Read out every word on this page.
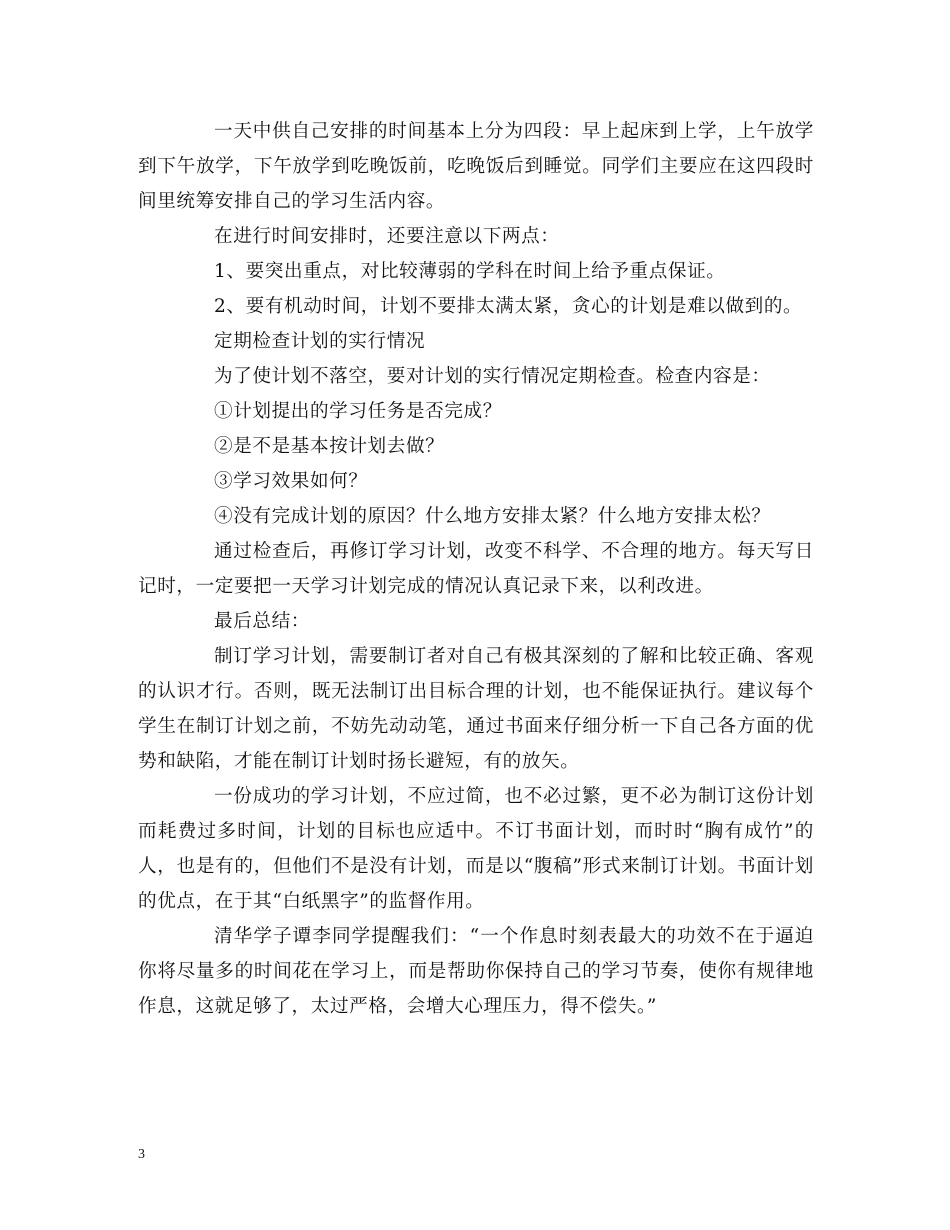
一天中供自己安排的时间基本上分为四段：早上起床到上学，上午放学到下午放学，下午放学到吃晚饭前，吃晚饭后到睡觉。同学们主要应在这四段时间里统筹安排自己的学习生活内容。

在进行时间安排时，还要注意以下两点：

1、要突出重点，对比较薄弱的学科在时间上给予重点保证。

2、要有机动时间，计划不要排太满太紧，贪心的计划是难以做到的。

定期检查计划的实行情况

为了使计划不落空，要对计划的实行情况定期检查。检查内容是：

①计划提出的学习任务是否完成？

②是不是基本按计划去做？

③学习效果如何？

④没有完成计划的原因？什么地方安排太紧？什么地方安排太松？

通过检查后，再修订学习计划，改变不科学、不合理的地方。每天写日记时，一定要把一天学习计划完成的情况认真记录下来，以利改进。

最后总结：

制订学习计划，需要制订者对自己有极其深刻的了解和比较正确、客观的认识才行。否则，既无法制订出目标合理的计划，也不能保证执行。建议每个学生在制订计划之前，不妨先动动笔，通过书面来仔细分析一下自己各方面的优势和缺陷，才能在制订计划时扬长避短，有的放矢。

一份成功的学习计划，不应过简，也不必过繁，更不必为制订这份计划而耗费过多时间，计划的目标也应适中。不订书面计划，而时时“胸有成竹”的人，也是有的，但他们不是没有计划，而是以“腹稿”形式来制订计划。书面计划的优点，在于其“白纸黑字”的监督作用。

清华学子谭李同学提醒我们：“一个作息时刻表最大的功效不在于逼迫你将尽量多的时间花在学习上，而是帮助你保持自己的学习节奏，使你有规律地作息，这就足够了，太过严格，会增大心理压力，得不偿失。”

3
